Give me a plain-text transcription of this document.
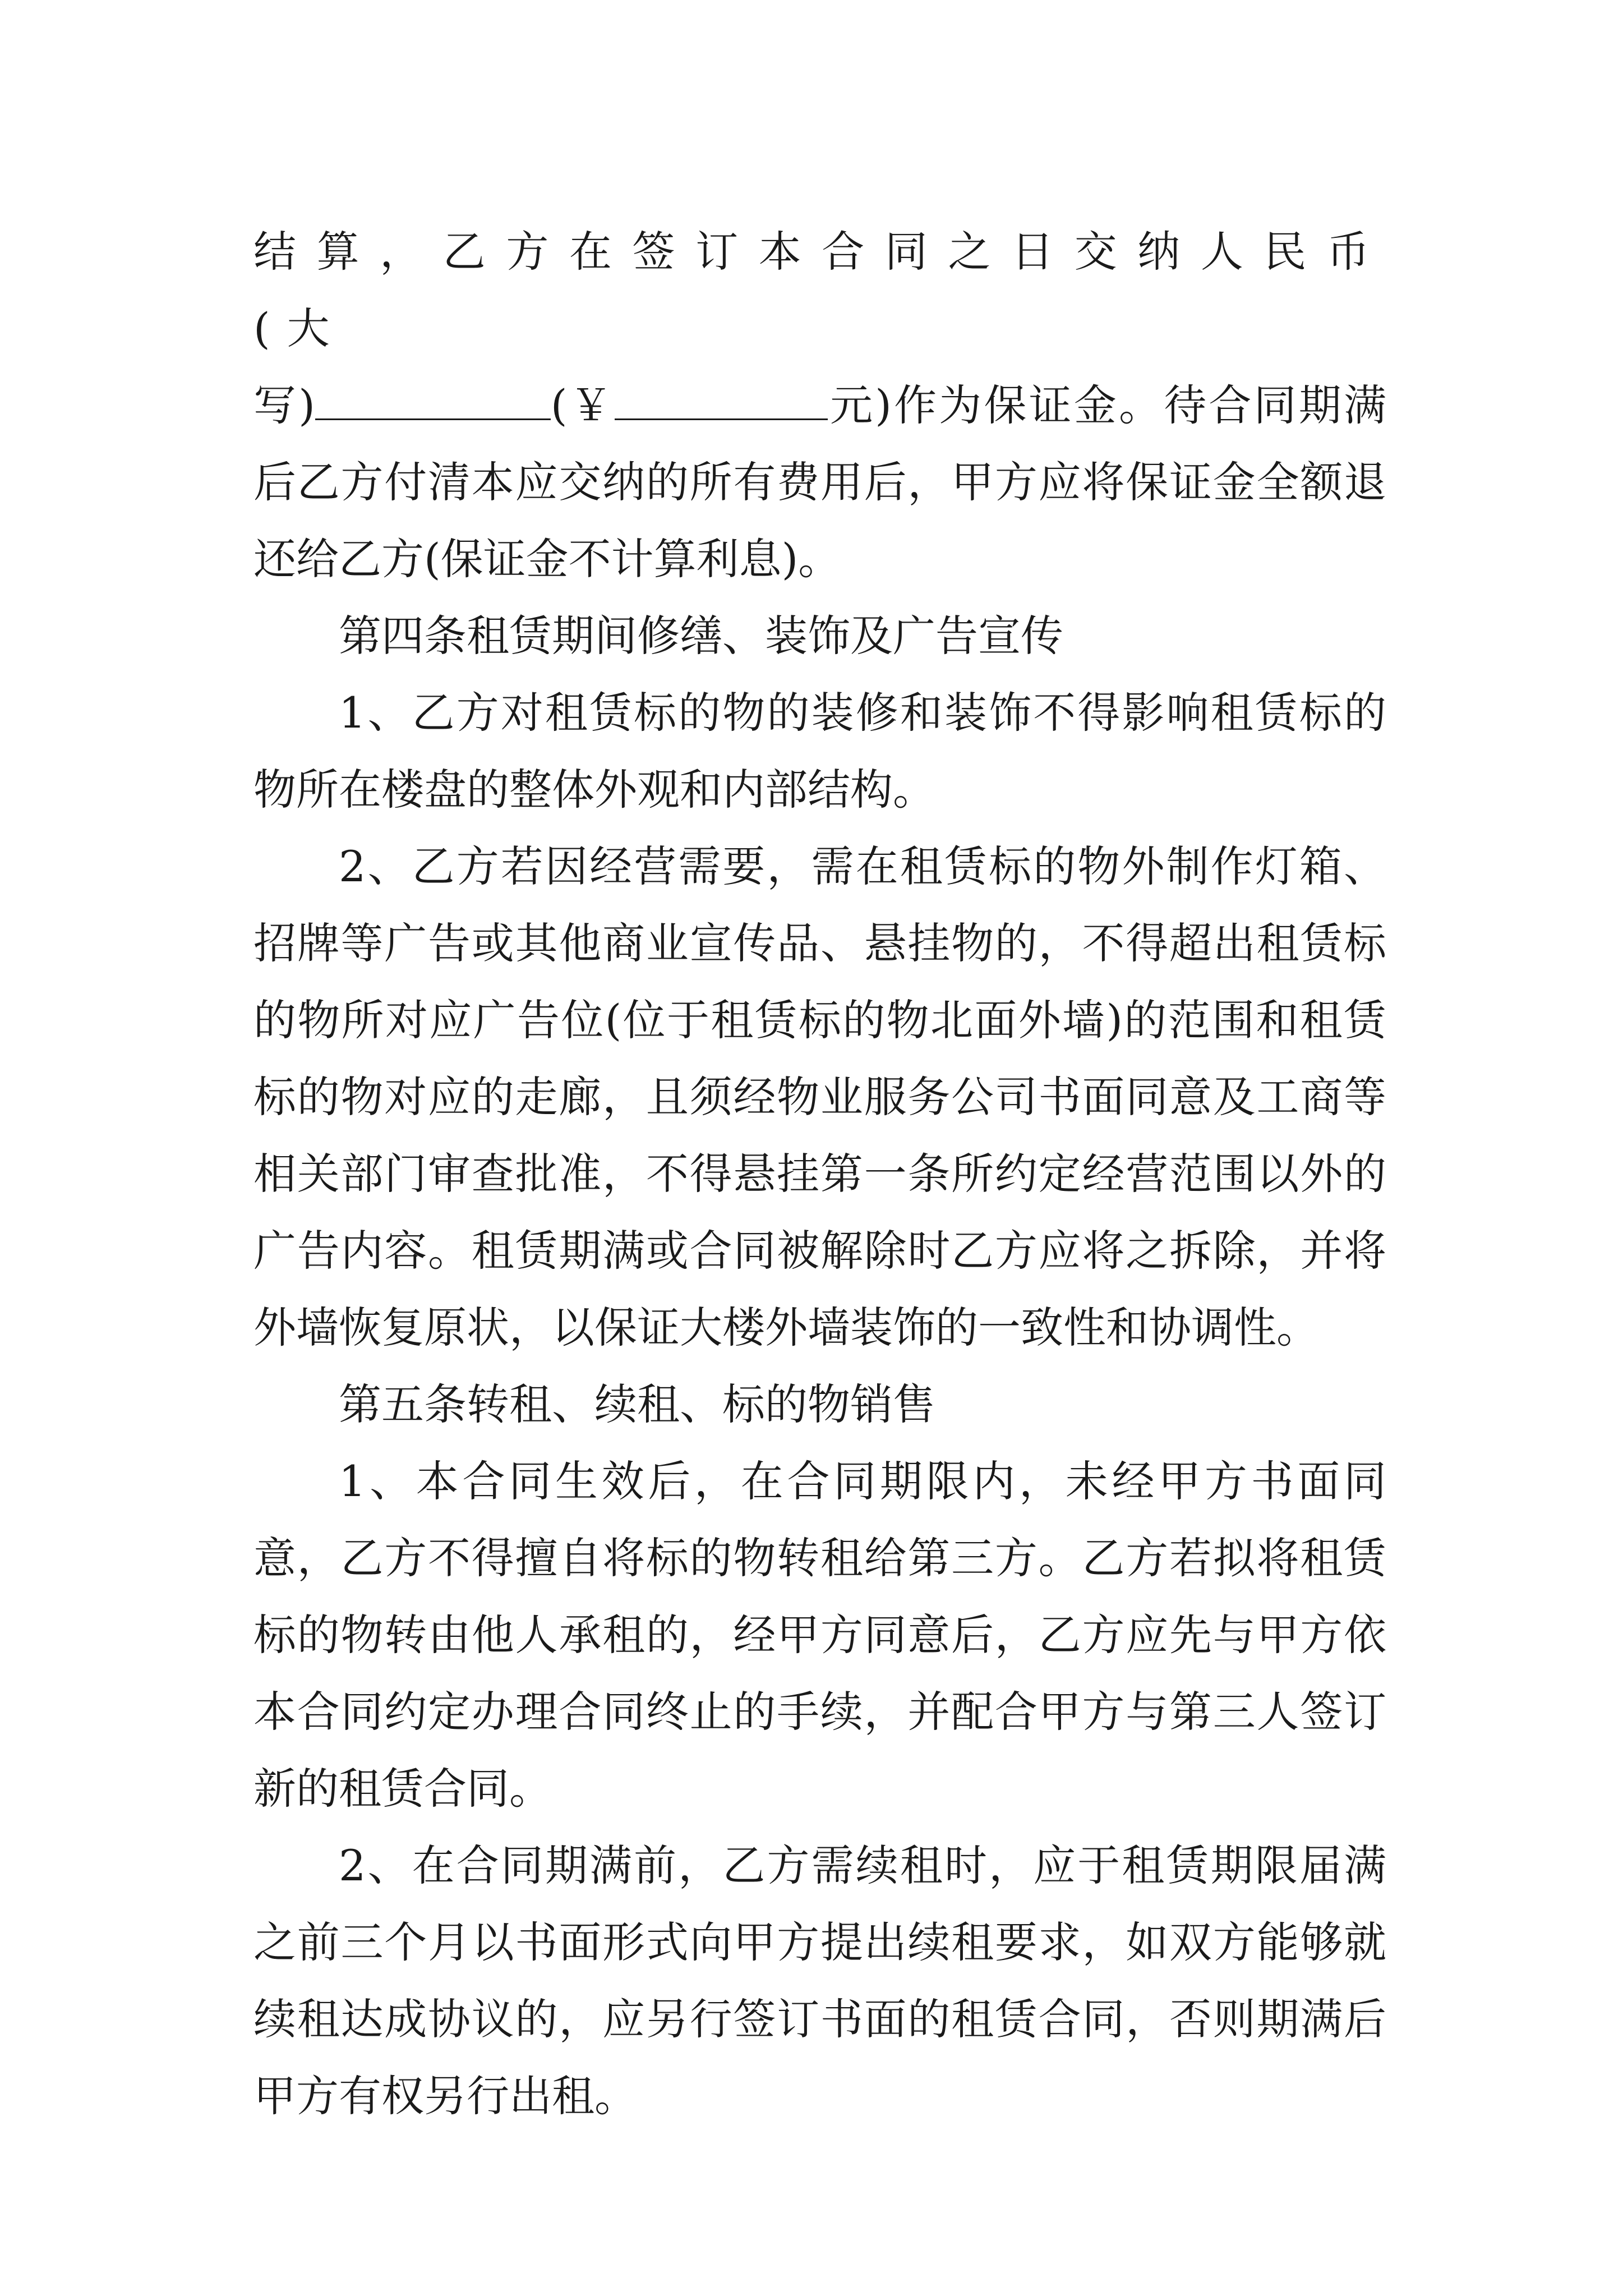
结算，乙方在签订本合同之日交纳人民币(大
写)	(￥	元)作为保证金。待合同期满后乙方付清本应交纳的所有费用后，甲方应将保证金全额退还给乙方(保证金不计算利息)。

第四条租赁期间修缮、装饰及广告宣传

1、乙方对租赁标的物的装修和装饰不得影响租赁标的物所在楼盘的整体外观和内部结构。

2、乙方若因经营需要，需在租赁标的物外制作灯箱、招牌等广告或其他商业宣传品、悬挂物的，不得超出租赁标的物所对应广告位(位于租赁标的物北面外墙)的范围和租赁标的物对应的走廊，且须经物业服务公司书面同意及工商等相关部门审查批准，不得悬挂第一条所约定经营范围以外的广告内容。租赁期满或合同被解除时乙方应将之拆除，并将外墙恢复原状，以保证大楼外墙装饰的一致性和协调性。

第五条转租、续租、标的物销售

1、本合同生效后，在合同期限内，未经甲方书面同意，乙方不得擅自将标的物转租给第三方。乙方若拟将租赁标的物转由他人承租的，经甲方同意后，乙方应先与甲方依本合同约定办理合同终止的手续，并配合甲方与第三人签订新的租赁合同。

2、在合同期满前，乙方需续租时，应于租赁期限届满之前三个月以书面形式向甲方提出续租要求，如双方能够就续租达成协议的，应另行签订书面的租赁合同，否则期满后甲方有权另行出租。
